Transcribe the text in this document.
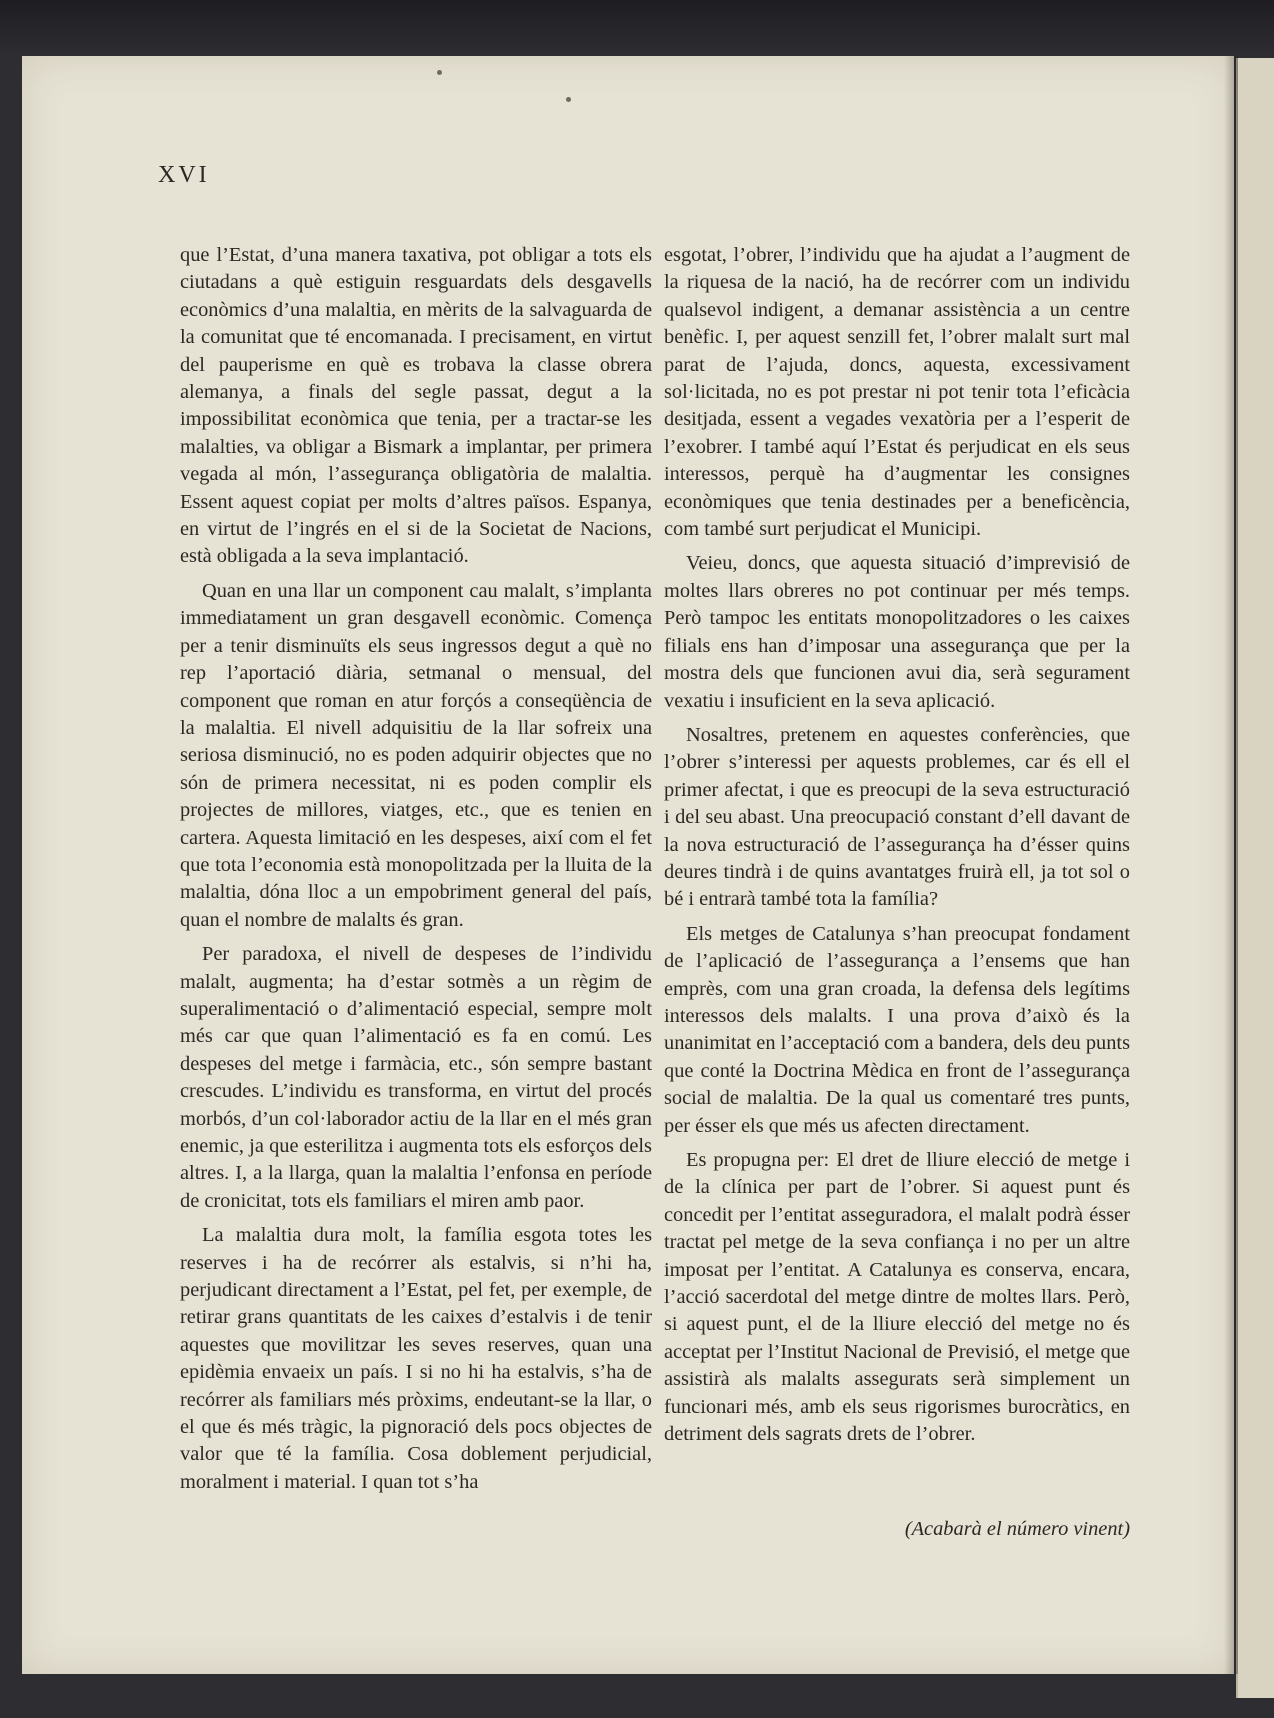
XVI

que l’Estat, d’una manera taxativa, pot obligar a tots els ciutadans a què estiguin resguardats dels desgavells econòmics d’una malaltia, en mèrits de la salvaguarda de la comunitat que té encomanada. I precisament, en virtut del pauperisme en què es trobava la classe obrera alemanya, a finals del segle passat, degut a la impossibilitat econòmica que tenia, per a tractar-se les malalties, va obligar a Bismark a implantar, per primera vegada al món, l’assegurança obligatòria de malaltia. Essent aquest copiat per molts d’altres països. Espanya, en virtut de l’ingrés en el si de la Societat de Nacions, està obligada a la seva implantació.

Quan en una llar un component cau malalt, s’implanta immediatament un gran desgavell econòmic. Comença per a tenir disminuïts els seus ingressos degut a què no rep l’aportació diària, setmanal o mensual, del component que roman en atur forçós a conseqüència de la malaltia. El nivell adquisitiu de la llar sofreix una seriosa disminució, no es poden adquirir objectes que no són de primera necessitat, ni es poden complir els projectes de millores, viatges, etc., que es tenien en cartera. Aquesta limitació en les despeses, així com el fet que tota l’economia està monopolitzada per la lluita de la malaltia, dóna lloc a un empobriment general del país, quan el nombre de malalts és gran.

Per paradoxa, el nivell de despeses de l’individu malalt, augmenta; ha d’estar sotmès a un règim de superalimentació o d’alimentació especial, sempre molt més car que quan l’alimentació es fa en comú. Les despeses del metge i farmàcia, etc., són sempre bastant crescudes. L’individu es transforma, en virtut del procés morbós, d’un col·laborador actiu de la llar en el més gran enemic, ja que esterilitza i augmenta tots els esforços dels altres. I, a la llarga, quan la malaltia l’enfonsa en període de cronicitat, tots els familiars el miren amb paor.

La malaltia dura molt, la família esgota totes les reserves i ha de recórrer als estalvis, si n’hi ha, perjudicant directament a l’Estat, pel fet, per exemple, de retirar grans quantitats de les caixes d’estalvis i de tenir aquestes que movilitzar les seves reserves, quan una epidèmia envaeix un país. I si no hi ha estalvis, s’ha de recórrer als familiars més pròxims, endeutant-se la llar, o el que és més tràgic, la pignoració dels pocs objectes de valor que té la família. Cosa doblement perjudicial, moralment i material. I quan tot s’ha

esgotat, l’obrer, l’individu que ha ajudat a l’augment de la riquesa de la nació, ha de recórrer com un individu qualsevol indigent, a demanar assistència a un centre benèfic. I, per aquest senzill fet, l’obrer malalt surt mal parat de l’ajuda, doncs, aquesta, excessivament sol·licitada, no es pot prestar ni pot tenir tota l’eficàcia desitjada, essent a vegades vexatòria per a l’esperit de l’exobrer. I també aquí l’Estat és perjudicat en els seus interessos, perquè ha d’augmentar les consignes econòmiques que tenia destinades per a beneficència, com també surt perjudicat el Municipi.

Veieu, doncs, que aquesta situació d’imprevisió de moltes llars obreres no pot continuar per més temps. Però tampoc les entitats monopolitzadores o les caixes filials ens han d’imposar una assegurança que per la mostra dels que funcionen avui dia, serà segurament vexatiu i insuficient en la seva aplicació.

Nosaltres, pretenem en aquestes conferències, que l’obrer s’interessi per aquests problemes, car és ell el primer afectat, i que es preocupi de la seva estructuració i del seu abast. Una preocupació constant d’ell davant de la nova estructuració de l’assegurança ha d’ésser quins deures tindrà i de quins avantatges fruirà ell, ja tot sol o bé i entrarà també tota la família?

Els metges de Catalunya s’han preocupat fondament de l’aplicació de l’assegurança a l’ensems que han emprès, com una gran croada, la defensa dels legítims interessos dels malalts. I una prova d’això és la unanimitat en l’acceptació com a bandera, dels deu punts que conté la Doctrina Mèdica en front de l’assegurança social de malaltia. De la qual us comentaré tres punts, per ésser els que més us afecten directament.

Es propugna per: El dret de lliure elecció de metge i de la clínica per part de l’obrer. Si aquest punt és concedit per l’entitat asseguradora, el malalt podrà ésser tractat pel metge de la seva confiança i no per un altre imposat per l’entitat. A Catalunya es conserva, encara, l’acció sacerdotal del metge dintre de moltes llars. Però, si aquest punt, el de la lliure elecció del metge no és acceptat per l’Institut Nacional de Previsió, el metge que assistirà als malalts assegurats serà simplement un funcionari més, amb els seus rigorismes burocràtics, en detriment dels sagrats drets de l’obrer.

(Acabarà el número vinent)
